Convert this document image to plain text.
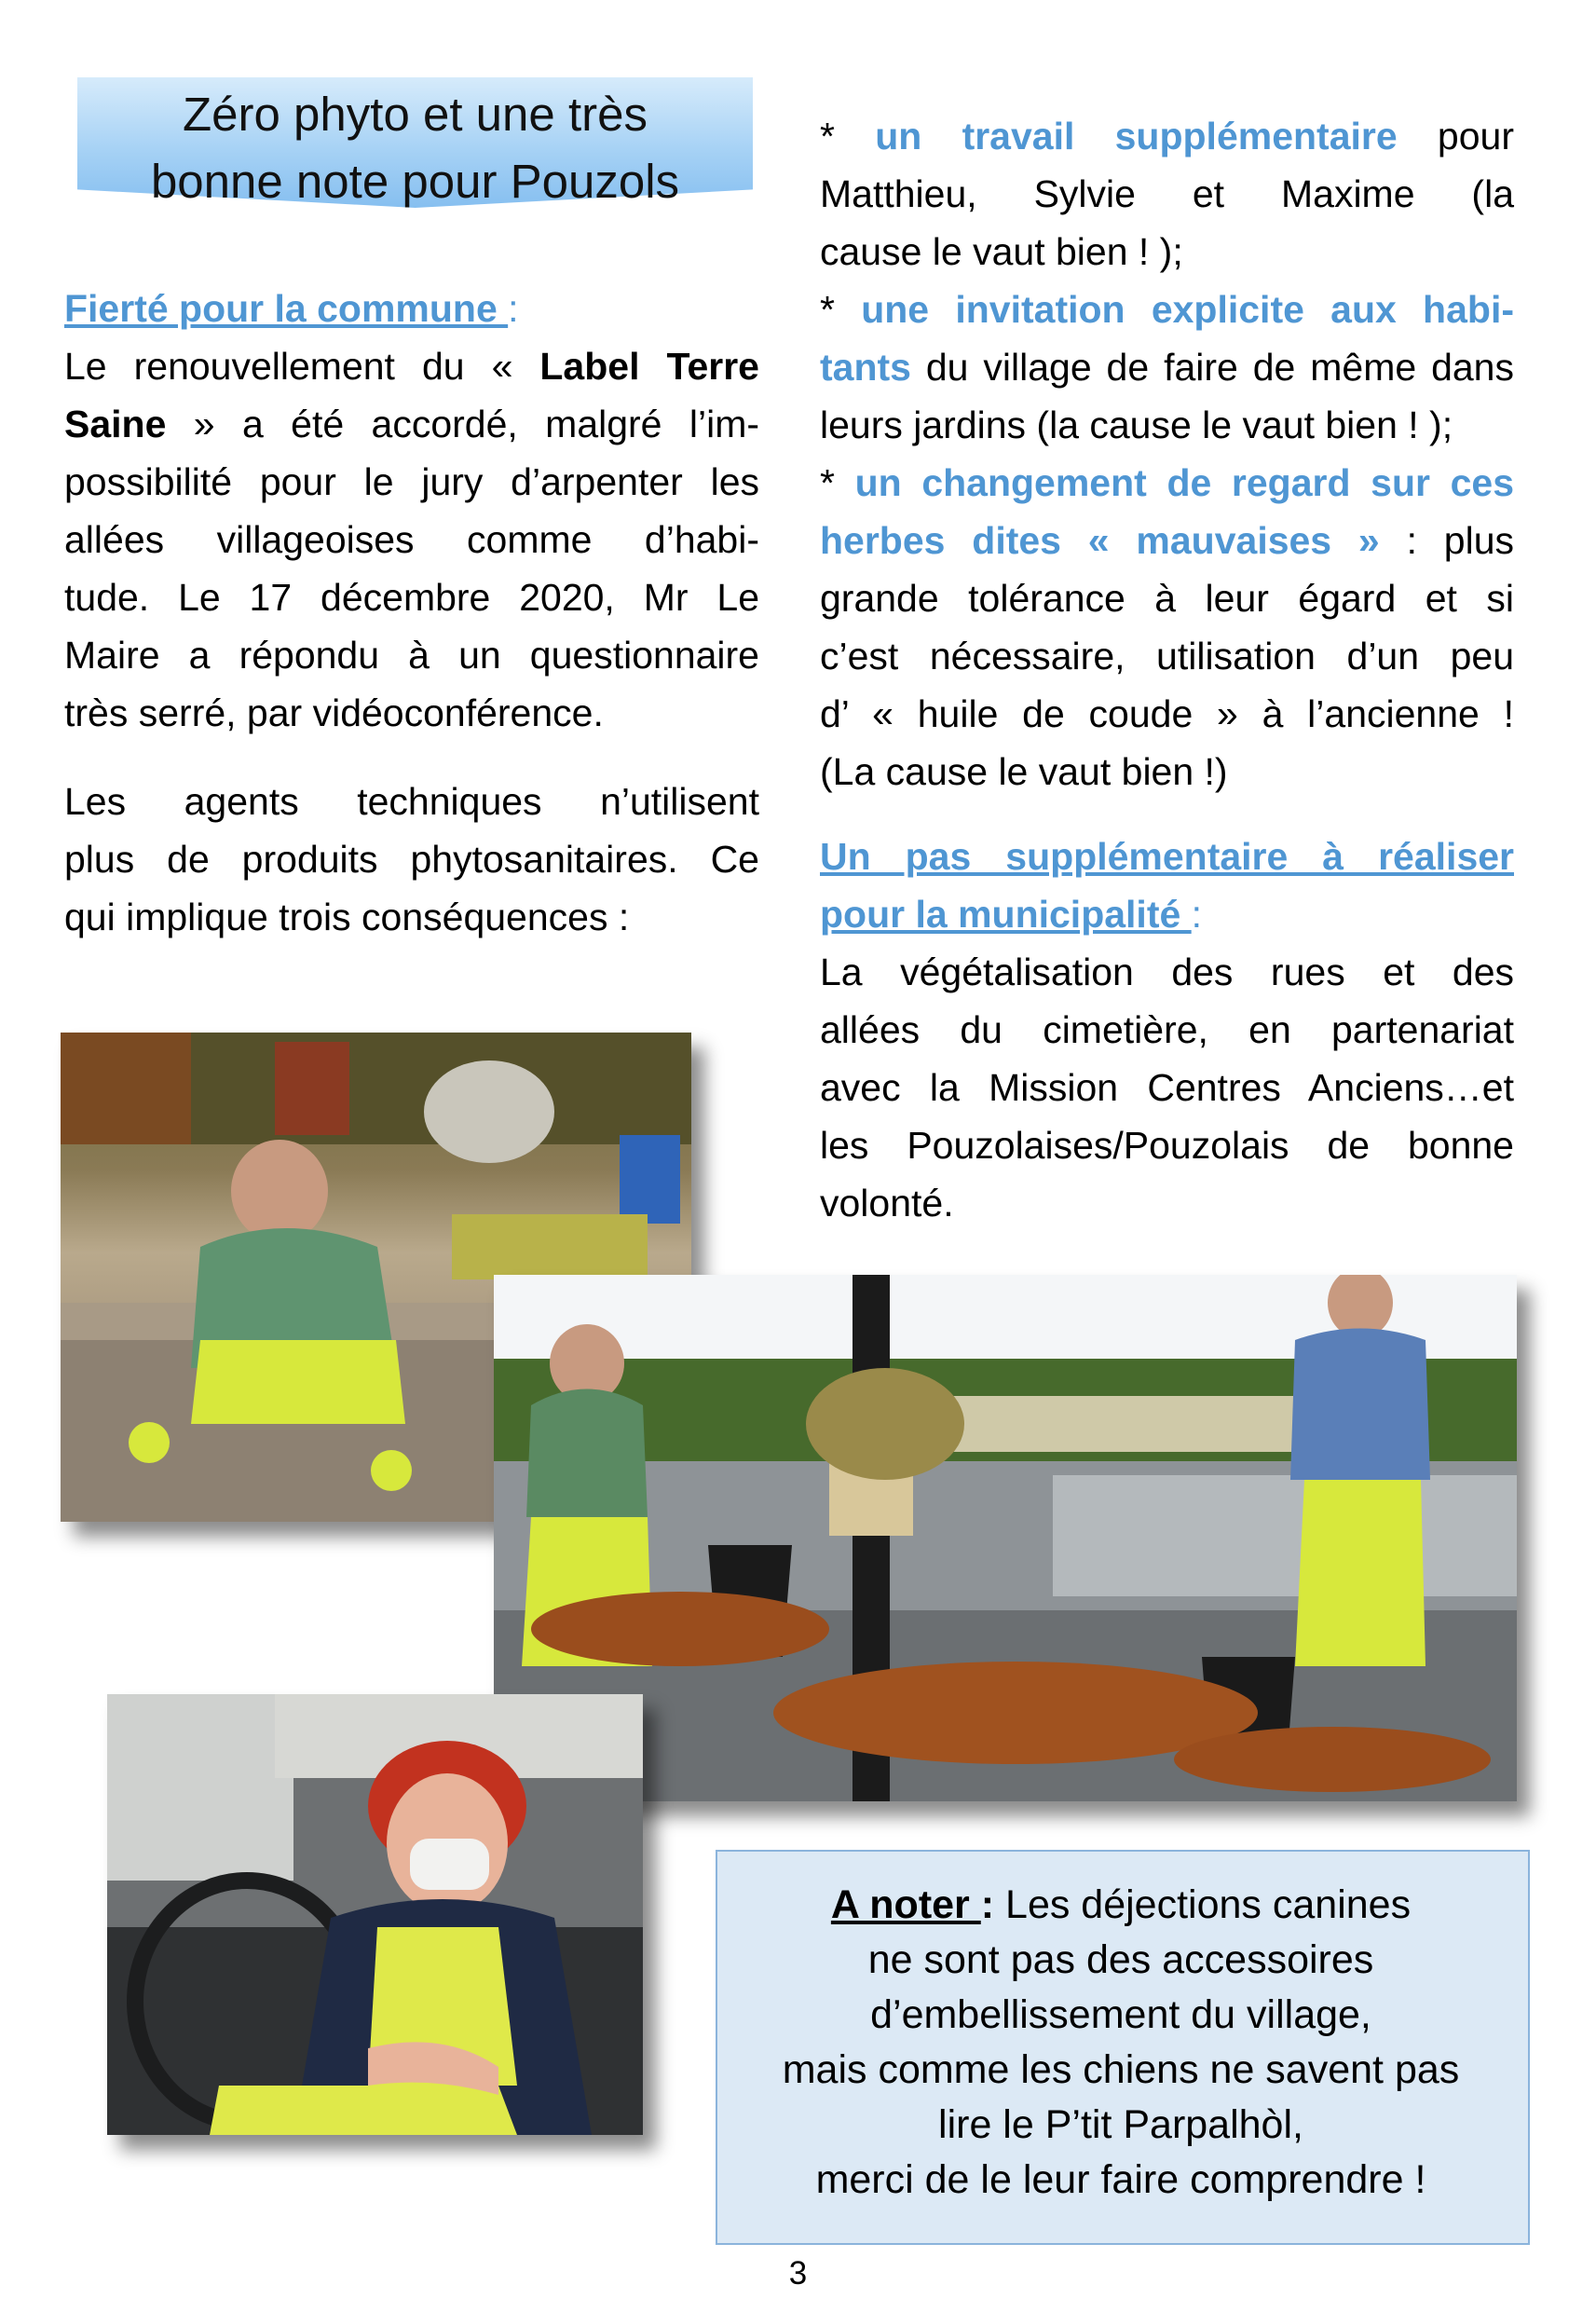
Zéro phyto et une très
bonne note pour Pouzols
Fierté pour la commune :
Le renouvellement du « Label Terre
Saine » a été accordé, malgré l’im-
possibilité pour le jury d’arpenter les
allées villageoises comme d’habi-
tude. Le 17 décembre 2020, Mr Le
Maire a répondu à un questionnaire
très serré, par vidéoconférence.
Les agents techniques n’utilisent
plus de produits phytosanitaires. Ce
qui implique trois conséquences :
* un travail supplémentaire pour
Matthieu, Sylvie et Maxime (la
cause le vaut bien ! );
* une invitation explicite aux habi-
tants du village de faire de même dans
leurs jardins (la cause le vaut bien ! );
* un changement de regard sur ces
herbes dites « mauvaises » : plus
grande tolérance à leur égard et si
c’est nécessaire, utilisation d’un peu
d’ « huile de coude » à l’ancienne !
(La cause le vaut bien !)
Un pas supplémentaire à réaliser
pour la municipalité :
La végétalisation des rues et des
allées du cimetière, en partenariat
avec la Mission Centres Anciens…et
les Pouzolaises/Pouzolais de bonne
volonté.
A noter : Les déjections canines
ne sont pas des accessoires
d’embellissement du village,
mais comme les chiens ne savent pas
lire le P’tit Parpalhòl,
merci de le leur faire comprendre !
3
